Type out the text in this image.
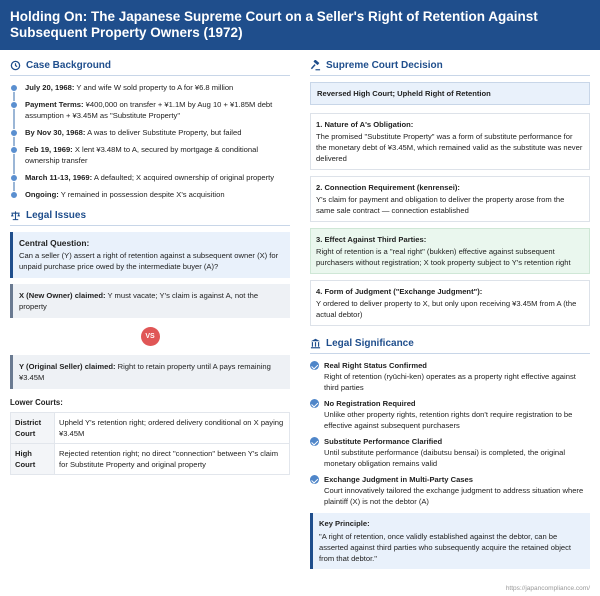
Holding On: The Japanese Supreme Court on a Seller's Right of Retention Against Subsequent Property Owners (1972)
Case Background
July 20, 1968: Y and wife W sold property to A for ¥6.8 million
Payment Terms: ¥400,000 on transfer + ¥1.1M by Aug 10 + ¥1.85M debt assumption + ¥3.45M as "Substitute Property"
By Nov 30, 1968: A was to deliver Substitute Property, but failed
Feb 19, 1969: X lent ¥3.48M to A, secured by mortgage & conditional ownership transfer
March 11-13, 1969: A defaulted; X acquired ownership of original property
Ongoing: Y remained in possession despite X's acquisition
Legal Issues
Central Question:
Can a seller (Y) assert a right of retention against a subsequent owner (X) for unpaid purchase price owed by the intermediate buyer (A)?
X (New Owner) claimed: Y must vacate; Y's claim is against A, not the property
VS
Y (Original Seller) claimed: Right to retain property until A pays remaining ¥3.45M
Lower Courts:
District Court	Upheld Y's retention right; ordered delivery conditional on X paying ¥3.45M
High Court	Rejected retention right; no direct "connection" between Y's claim for Substitute Property and original property
Supreme Court Decision
Reversed High Court; Upheld Right of Retention
1. Nature of A's Obligation:
The promised "Substitute Property" was a form of substitute performance for the monetary debt of ¥3.45M, which remained valid as the substitute was never delivered
2. Connection Requirement (kenrensei):
Y's claim for payment and obligation to deliver the property arose from the same sale contract — connection established
3. Effect Against Third Parties:
Right of retention is a "real right" (bukken) effective against subsequent purchasers without registration; X took property subject to Y's retention right
4. Form of Judgment ("Exchange Judgment"):
Y ordered to deliver property to X, but only upon receiving ¥3.45M from A (the actual debtor)
Legal Significance
Real Right Status Confirmed
Right of retention (ryūchi-ken) operates as a property right effective against third parties
No Registration Required
Unlike other property rights, retention rights don't require registration to be effective against subsequent purchasers
Substitute Performance Clarified
Until substitute performance (daibutsu bensai) is completed, the original monetary obligation remains valid
Exchange Judgment in Multi-Party Cases
Court innovatively tailored the exchange judgment to address situation where plaintiff (X) is not the debtor (A)
Key Principle:
"A right of retention, once validly established against the debtor, can be asserted against third parties who subsequently acquire the retained object from that debtor."
https://japancompliance.com/
